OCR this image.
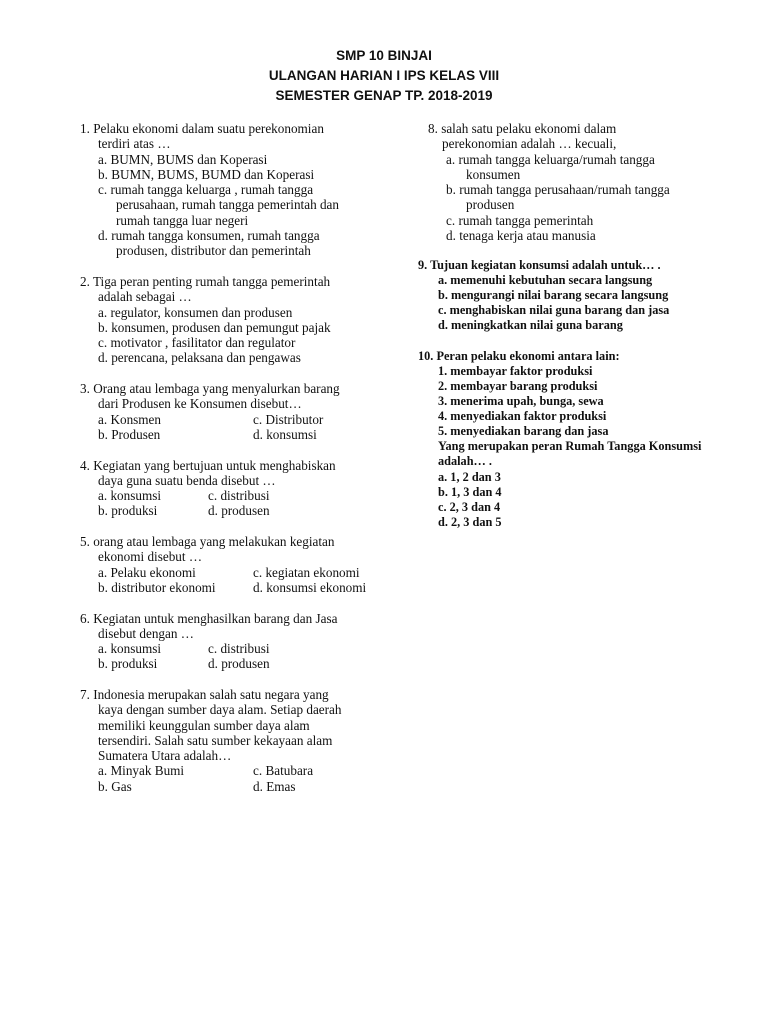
SMP 10 BINJAI
ULANGAN HARIAN I IPS KELAS VIII
SEMESTER GENAP TP. 2018-2019
1. Pelaku ekonomi dalam suatu perekonomian
terdiri atas …
a. BUMN, BUMS dan Koperasi
b. BUMN, BUMS, BUMD dan Koperasi
c. rumah tangga keluarga , rumah tangga
perusahaan, rumah tangga pemerintah dan
rumah tangga luar negeri
d. rumah tangga konsumen, rumah tangga
produsen, distributor dan pemerintah
2. Tiga peran penting rumah tangga pemerintah
adalah sebagai …
a. regulator, konsumen dan produsen
b. konsumen, produsen dan pemungut pajak
c. motivator , fasilitator dan regulator
d. perencana, pelaksana dan pengawas
3. Orang atau lembaga yang menyalurkan barang
dari Produsen ke Konsumen disebut…
a. Konsmen	c. Distributor
b. Produsen	d. konsumsi
4. Kegiatan yang bertujuan untuk menghabiskan
daya guna suatu benda disebut …
a. konsumsi	c. distribusi
b. produksi	d. produsen
5. orang atau lembaga yang melakukan kegiatan
ekonomi disebut …
a. Pelaku ekonomi	c. kegiatan ekonomi
b. distributor ekonomi	d. konsumsi ekonomi
6. Kegiatan untuk menghasilkan barang dan Jasa
disebut dengan …
a. konsumsi	c. distribusi
b. produksi	d. produsen
7. Indonesia merupakan salah satu negara yang
kaya dengan sumber daya alam. Setiap daerah
memiliki keunggulan sumber daya alam
tersendiri. Salah satu sumber kekayaan alam
Sumatera Utara adalah…
a. Minyak Bumi	c. Batubara
b. Gas	d. Emas
8. salah satu pelaku ekonomi dalam
perekonomian adalah … kecuali,
a. rumah tangga keluarga/rumah tangga
konsumen
b. rumah tangga perusahaan/rumah tangga
produsen
c. rumah tangga pemerintah
d. tenaga kerja atau manusia
9. Tujuan kegiatan konsumsi adalah untuk… .
a. memenuhi kebutuhan secara langsung
b. mengurangi nilai barang secara langsung
c. menghabiskan nilai guna barang dan jasa
d. meningkatkan nilai guna barang
10. Peran pelaku ekonomi antara lain:
1. membayar faktor produksi
2. membayar barang produksi
3. menerima upah, bunga, sewa
4. menyediakan faktor produksi
5. menyediakan barang dan jasa
Yang merupakan peran Rumah Tangga Konsumsi
adalah… .
a. 1, 2 dan 3
b. 1, 3 dan 4
c. 2, 3 dan 4
d. 2, 3 dan 5
